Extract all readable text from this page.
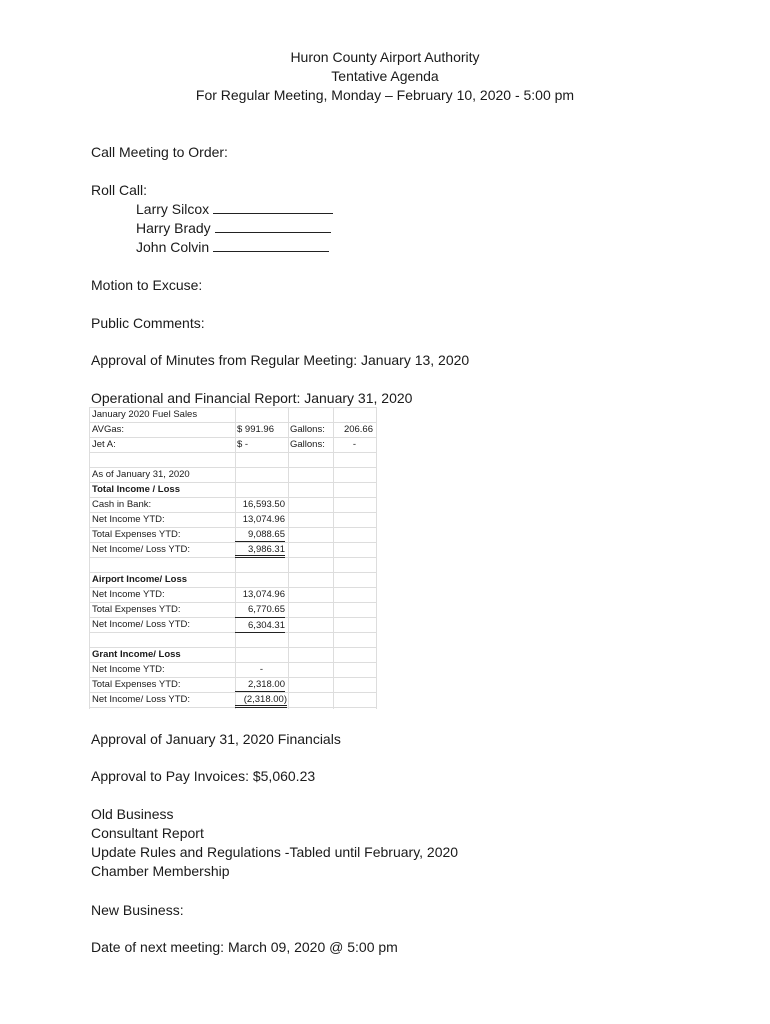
Huron County Airport Authority
Tentative Agenda
For Regular Meeting, Monday – February 10, 2020 - 5:00 pm
Call Meeting to Order:
Roll Call:
Larry Silcox
Harry Brady
John Colvin
Motion to Excuse:
Public Comments:
Approval of Minutes from Regular Meeting: January 13, 2020
Operational and Financial Report: January 31, 2020
January 2020 Fuel Sales
AVGas:	$ 991.96 Gallons:	206.66
Jet A:	$ -	Gallons:	-
As of January 31, 2020
Total Income / Loss
Cash in Bank:	16,593.50
Net Income YTD:	13,074.96
Total Expenses YTD:	9,088.65
Net Income/ Loss YTD:	3,986.31
Airport Income/ Loss
Net Income YTD:	13,074.96
Total Expenses YTD:	6,770.65
Net Income/ Loss YTD:	6,304.31
Grant Income/ Loss
Net Income YTD:	-
Total Expenses YTD:	2,318.00
Net Income/ Loss YTD:	(2,318.00)
Approval of January 31, 2020 Financials
Approval to Pay Invoices: $5,060.23
Old Business
Consultant Report
Update Rules and Regulations -Tabled until February, 2020
Chamber Membership
New Business:
Date of next meeting: March 09, 2020 @ 5:00 pm
